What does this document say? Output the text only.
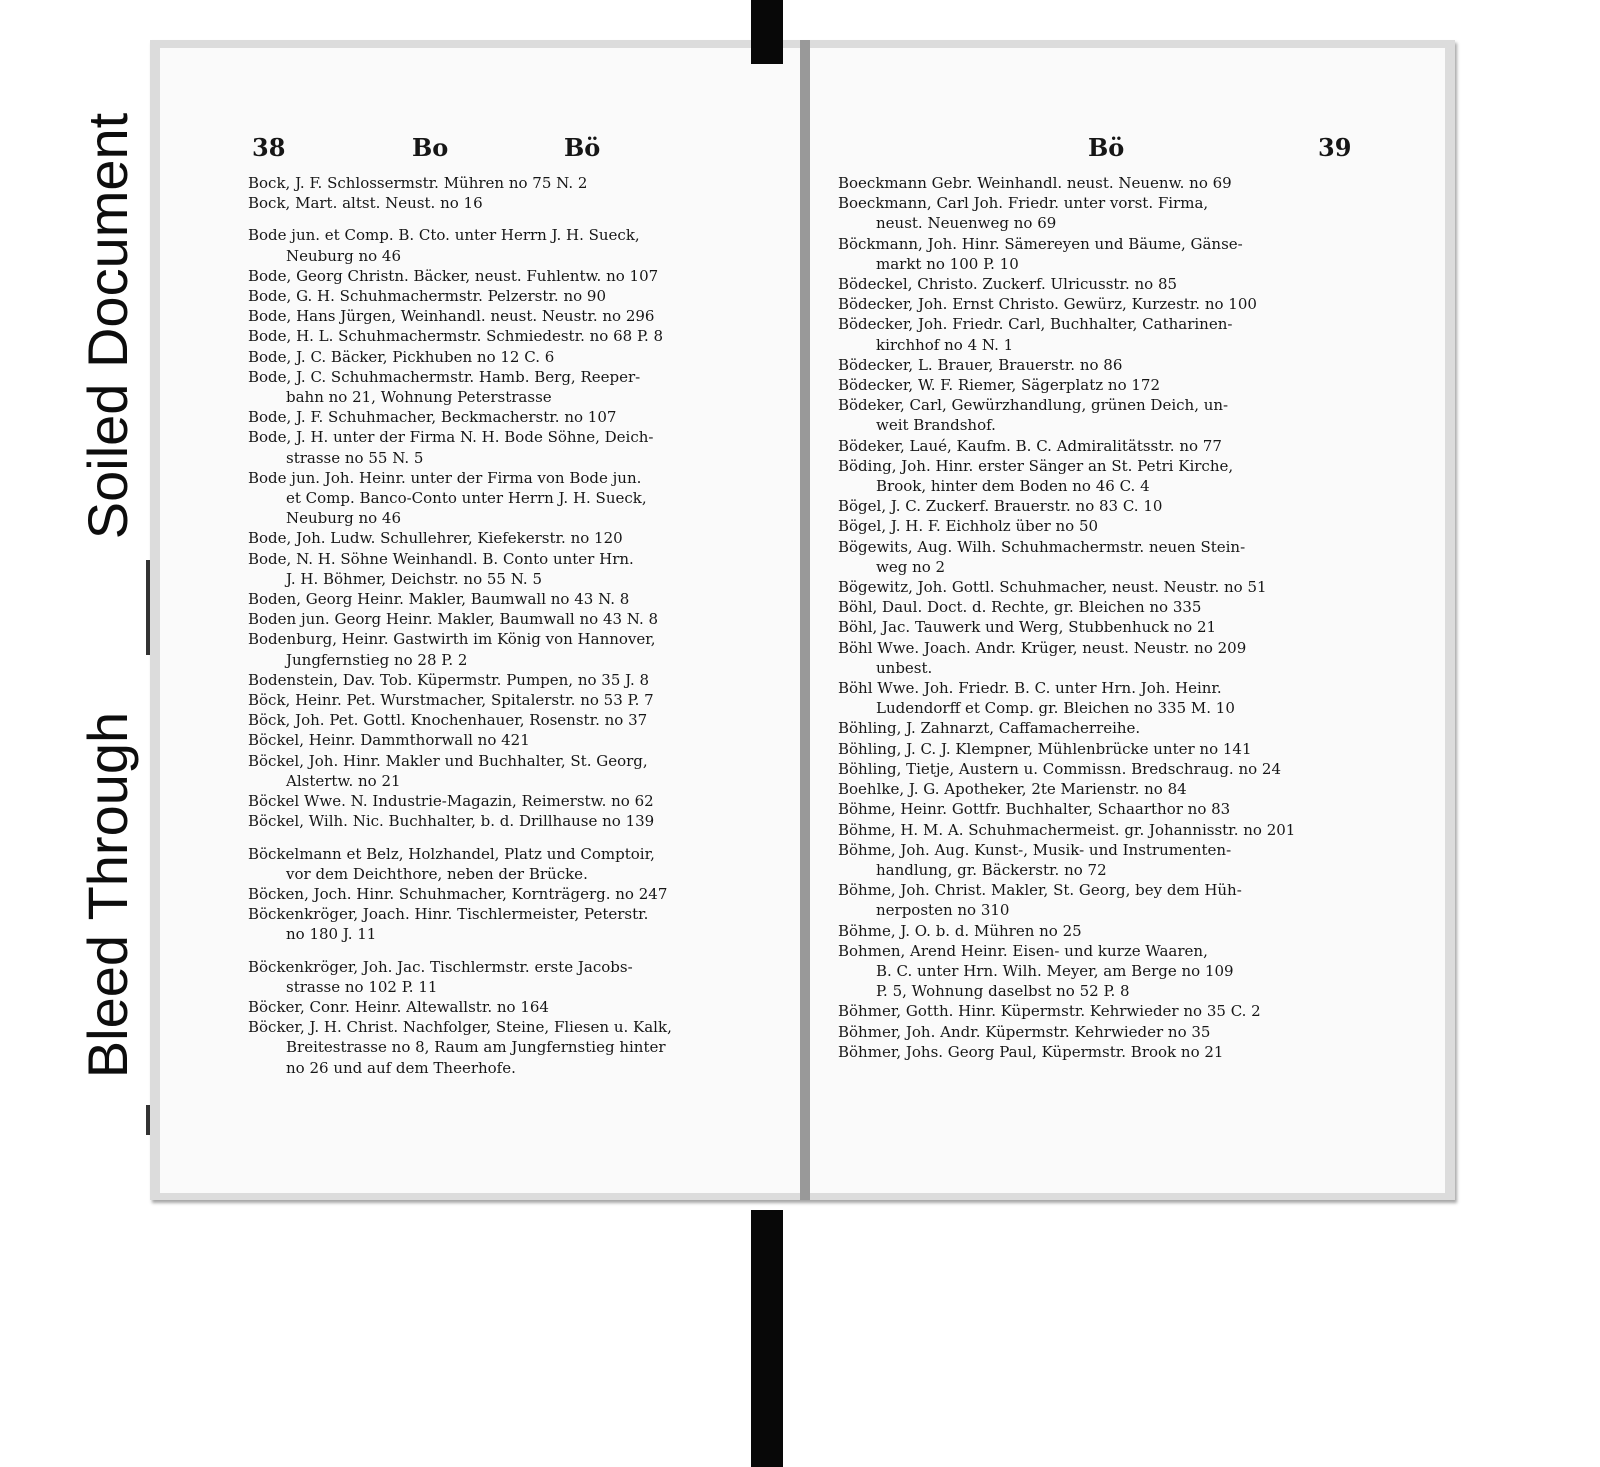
Soiled Document
Bleed Through
38	Bo	Bö
Bock, J. F. Schlossermstr. Mühren no 75 N. 2
Bock, Mart. altst. Neust. no 16
Bode jun. et Comp. B. Cto. unter Herrn J. H. Sueck,
Neuburg no 46
Bode, Georg Christn. Bäcker, neust. Fuhlentw. no 107
Bode, G. H. Schuhmachermstr. Pelzerstr. no 90
Bode, Hans Jürgen, Weinhandl. neust. Neustr. no 296
Bode, H. L. Schuhmachermstr. Schmiedestr. no 68 P. 8
Bode, J. C. Bäcker, Pickhuben no 12 C. 6
Bode, J. C. Schuhmachermstr. Hamb. Berg, Reeper-
bahn no 21, Wohnung Peterstrasse
Bode, J. F. Schuhmacher, Beckmacherstr. no 107
Bode, J. H. unter der Firma N. H. Bode Söhne, Deich-
strasse no 55 N. 5
Bode jun. Joh. Heinr. unter der Firma von Bode jun.
et Comp. Banco-Conto unter Herrn J. H. Sueck,
Neuburg no 46
Bode, Joh. Ludw. Schullehrer, Kiefekerstr. no 120
Bode, N. H. Söhne Weinhandl. B. Conto unter Hrn.
J. H. Böhmer, Deichstr. no 55 N. 5
Boden, Georg Heinr. Makler, Baumwall no 43 N. 8
Boden jun. Georg Heinr. Makler, Baumwall no 43 N. 8
Bodenburg, Heinr. Gastwirth im König von Hannover,
Jungfernstieg no 28 P. 2
Bodenstein, Dav. Tob. Küpermstr. Pumpen, no 35 J. 8
Böck, Heinr. Pet. Wurstmacher, Spitalerstr. no 53 P. 7
Böck, Joh. Pet. Gottl. Knochenhauer, Rosenstr. no 37
Böckel, Heinr. Dammthorwall no 421
Böckel, Joh. Hinr. Makler und Buchhalter, St. Georg,
Alstertw. no 21
Böckel Wwe. N. Industrie-Magazin, Reimerstw. no 62
Böckel, Wilh. Nic. Buchhalter, b. d. Drillhause no 139
Böckelmann et Belz, Holzhandel, Platz und Comptoir,
vor dem Deichthore, neben der Brücke.
Böcken, Joch. Hinr. Schuhmacher, Kornträgerg. no 247
Böckenkröger, Joach. Hinr. Tischlermeister, Peterstr.
no 180 J. 11
Böckenkröger, Joh. Jac. Tischlermstr. erste Jacobs-
strasse no 102 P. 11
Böcker, Conr. Heinr. Altewallstr. no 164
Böcker, J. H. Christ. Nachfolger, Steine, Fliesen u. Kalk,
Breitestrasse no 8, Raum am Jungfernstieg hinter
no 26 und auf dem Theerhofe.
Bö	39
Boeckmann Gebr. Weinhandl. neust. Neuenw. no 69
Boeckmann, Carl Joh. Friedr. unter vorst. Firma,
neust. Neuenweg no 69
Böckmann, Joh. Hinr. Sämereyen und Bäume, Gänse-
markt no 100 P. 10
Bödeckel, Christo. Zuckerf. Ulricusstr. no 85
Bödecker, Joh. Ernst Christo. Gewürz, Kurzestr. no 100
Bödecker, Joh. Friedr. Carl, Buchhalter, Catharinen-
kirchhof no 4 N. 1
Bödecker, L. Brauer, Brauerstr. no 86
Bödecker, W. F. Riemer, Sägerplatz no 172
Bödeker, Carl, Gewürzhandlung, grünen Deich, un-
weit Brandshof.
Bödeker, Laué, Kaufm. B. C. Admiralitätsstr. no 77
Böding, Joh. Hinr. erster Sänger an St. Petri Kirche,
Brook, hinter dem Boden no 46 C. 4
Bögel, J. C. Zuckerf. Brauerstr. no 83 C. 10
Bögel, J. H. F. Eichholz über no 50
Bögewits, Aug. Wilh. Schuhmachermstr. neuen Stein-
weg no 2
Bögewitz, Joh. Gottl. Schuhmacher, neust. Neustr. no 51
Böhl, Daul. Doct. d. Rechte, gr. Bleichen no 335
Böhl, Jac. Tauwerk und Werg, Stubbenhuck no 21
Böhl Wwe. Joach. Andr. Krüger, neust. Neustr. no 209
unbest.
Böhl Wwe. Joh. Friedr. B. C. unter Hrn. Joh. Heinr.
Ludendorff et Comp. gr. Bleichen no 335 M. 10
Böhling, J. Zahnarzt, Caffamacherreihe.
Böhling, J. C. J. Klempner, Mühlenbrücke unter no 141
Böhling, Tietje, Austern u. Commissn. Bredschraug. no 24
Boehlke, J. G. Apotheker, 2te Marienstr. no 84
Böhme, Heinr. Gottfr. Buchhalter, Schaarthor no 83
Böhme, H. M. A. Schuhmachermeist. gr. Johannisstr. no 201
Böhme, Joh. Aug. Kunst-, Musik- und Instrumenten-
handlung, gr. Bäckerstr. no 72
Böhme, Joh. Christ. Makler, St. Georg, bey dem Hüh-
nerposten no 310
Böhme, J. O. b. d. Mühren no 25
Bohmen, Arend Heinr. Eisen- und kurze Waaren,
B. C. unter Hrn. Wilh. Meyer, am Berge no 109
P. 5, Wohnung daselbst no 52 P. 8
Böhmer, Gotth. Hinr. Küpermstr. Kehrwieder no 35 C. 2
Böhmer, Joh. Andr. Küpermstr. Kehrwieder no 35
Böhmer, Johs. Georg Paul, Küpermstr. Brook no 21
